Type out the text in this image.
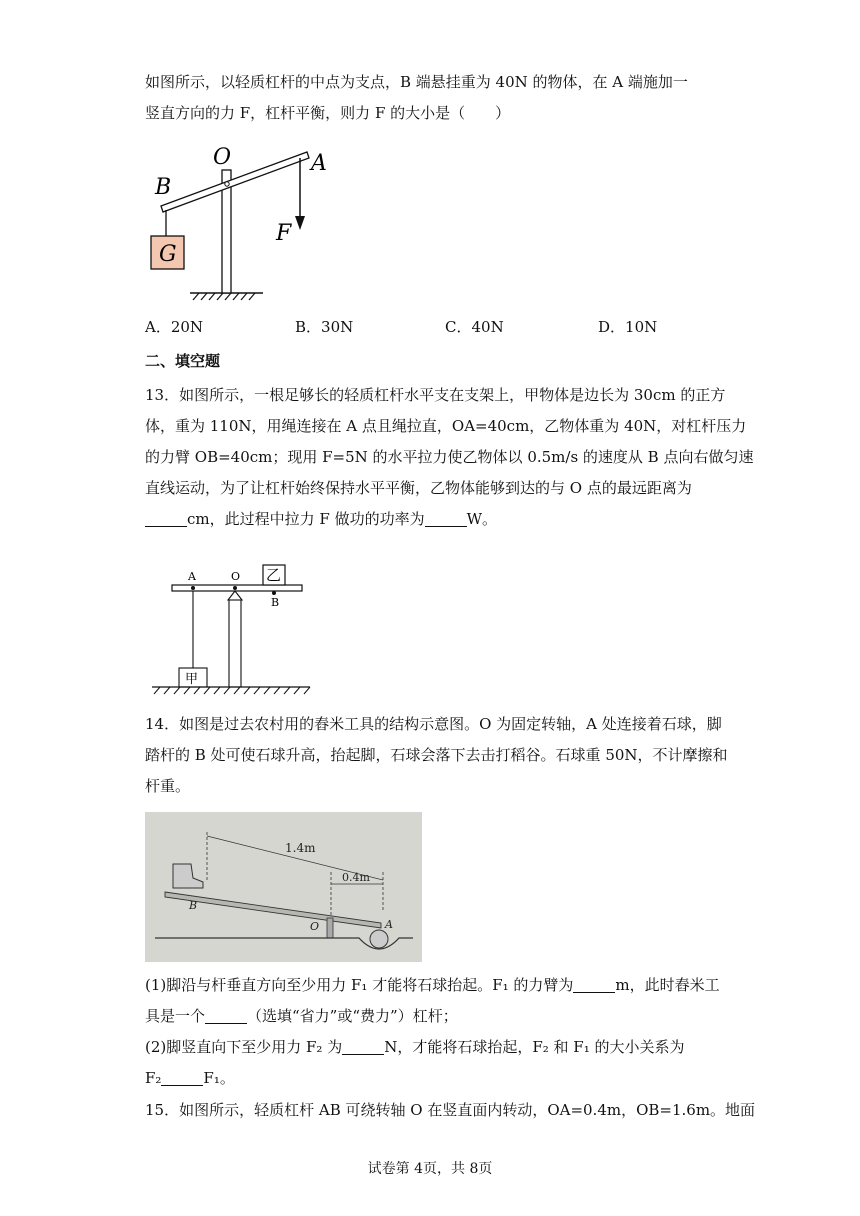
如图所示，以轻质杠杆的中点为支点，B 端悬挂重为 40N 的物体，在 A 端施加一
竖直方向的力 F，杠杆平衡，则力 F 的大小是（　　）
G
O	A
B
F
A．20N	B．30N	C．40N	D．10N
二、填空题
13．如图所示，一根足够长的轻质杠杆水平支在支架上，甲物体是边长为 30cm 的正方
体，重为 110N，用绳连接在 A 点且绳拉直，OA=40cm，乙物体重为 40N，对杠杆压力
的力臂 OB=40cm；现用 F=5N 的水平拉力使乙物体以 0.5m/s 的速度从 B 点向右做匀速
直线运动，为了让杠杆始终保持水平平衡，乙物体能够到达的与 O 点的最远距离为
cm，此过程中拉力 F 做功的功率为	W。
乙
A	O
B
甲
14．如图是过去农村用的舂米工具的结构示意图。O 为固定转轴，A 处连接着石球，脚
踏杆的 B 处可使石球升高，抬起脚，石球会落下去击打稻谷。石球重 50N，不计摩擦和
杆重。
1.4m
0.4m
B
O	A
(1)脚沿与杆垂直方向至少用力 F₁ 才能将石球抬起。F₁ 的力臂为	m，此时舂米工
具是一个	（选填“省力”或“费力”）杠杆；
(2)脚竖直向下至少用力 F₂ 为	N，才能将石球抬起，F₂ 和 F₁ 的大小关系为
F₂	F₁。
15．如图所示，轻质杠杆 AB 可绕转轴 O 在竖直面内转动，OA=0.4m，OB=1.6m。地面
试卷第 4页，共 8页
